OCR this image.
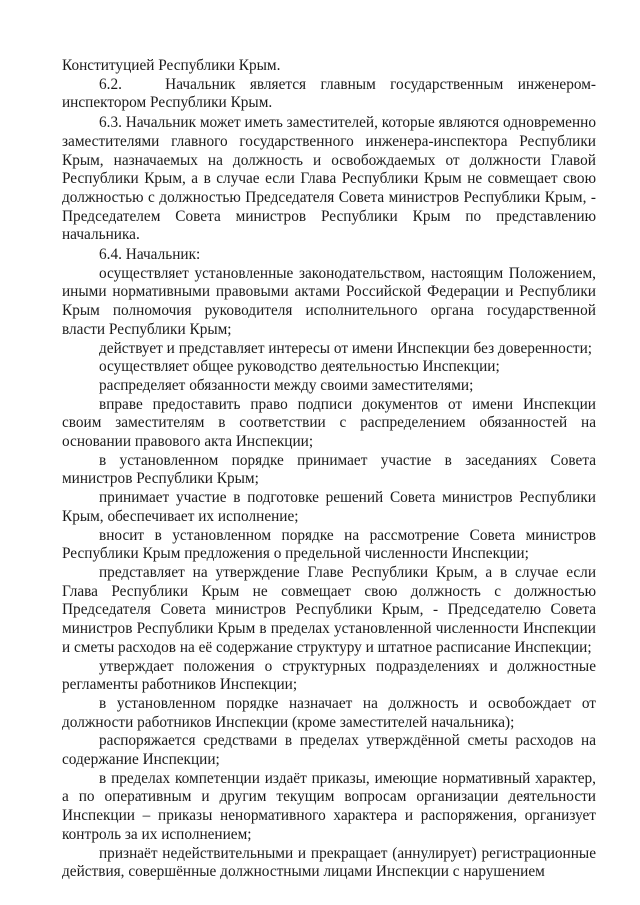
Конституцией Республики Крым.

6.2.   Начальник является главным государственным инженером-инспектором Республики Крым.

6.3. Начальник может иметь заместителей, которые являются одновременно заместителями главного государственного инженера-инспектора Республики Крым, назначаемых на должность и освобождаемых от должности Главой Республики Крым, а в случае если Глава Республики Крым не совмещает свою должностью с должностью Председателя Совета министров Республики Крым, - Председателем Совета министров Республики Крым по представлению начальника.

6.4. Начальник:

осуществляет установленные законодательством, настоящим Положением, иными нормативными правовыми актами Российской Федерации и Республики Крым полномочия руководителя исполнительного органа государственной власти Республики Крым;

действует и представляет интересы от имени Инспекции без доверенности;

осуществляет общее руководство деятельностью Инспекции;

распределяет обязанности между своими заместителями;

вправе предоставить право подписи документов от имени Инспекции своим заместителям в соответствии с распределением обязанностей на основании правового акта Инспекции;

в установленном порядке принимает участие в заседаниях Совета министров Республики Крым;

принимает участие в подготовке решений Совета министров Республики Крым, обеспечивает их исполнение;

вносит в установленном порядке на рассмотрение Совета министров Республики Крым предложения о предельной численности Инспекции;

представляет на утверждение Главе Республики Крым, а в случае если Глава Республики Крым не совмещает свою должность с должностью Председателя Совета министров Республики Крым, - Председателю Совета министров Республики Крым в пределах установленной численности Инспекции и сметы расходов на её содержание структуру и штатное расписание Инспекции;

утверждает положения о структурных подразделениях и должностные регламенты работников Инспекции;

в установленном порядке назначает на должность и освобождает от должности работников Инспекции (кроме заместителей начальника);

распоряжается средствами в пределах утверждённой сметы расходов на содержание Инспекции;

в пределах компетенции издаёт приказы, имеющие нормативный характер, а по оперативным и другим текущим вопросам организации деятельности Инспекции – приказы ненормативного характера и распоряжения, организует контроль за их исполнением;

признаёт недействительными и прекращает (аннулирует) регистрационные действия, совершённые должностными лицами Инспекции с нарушением
